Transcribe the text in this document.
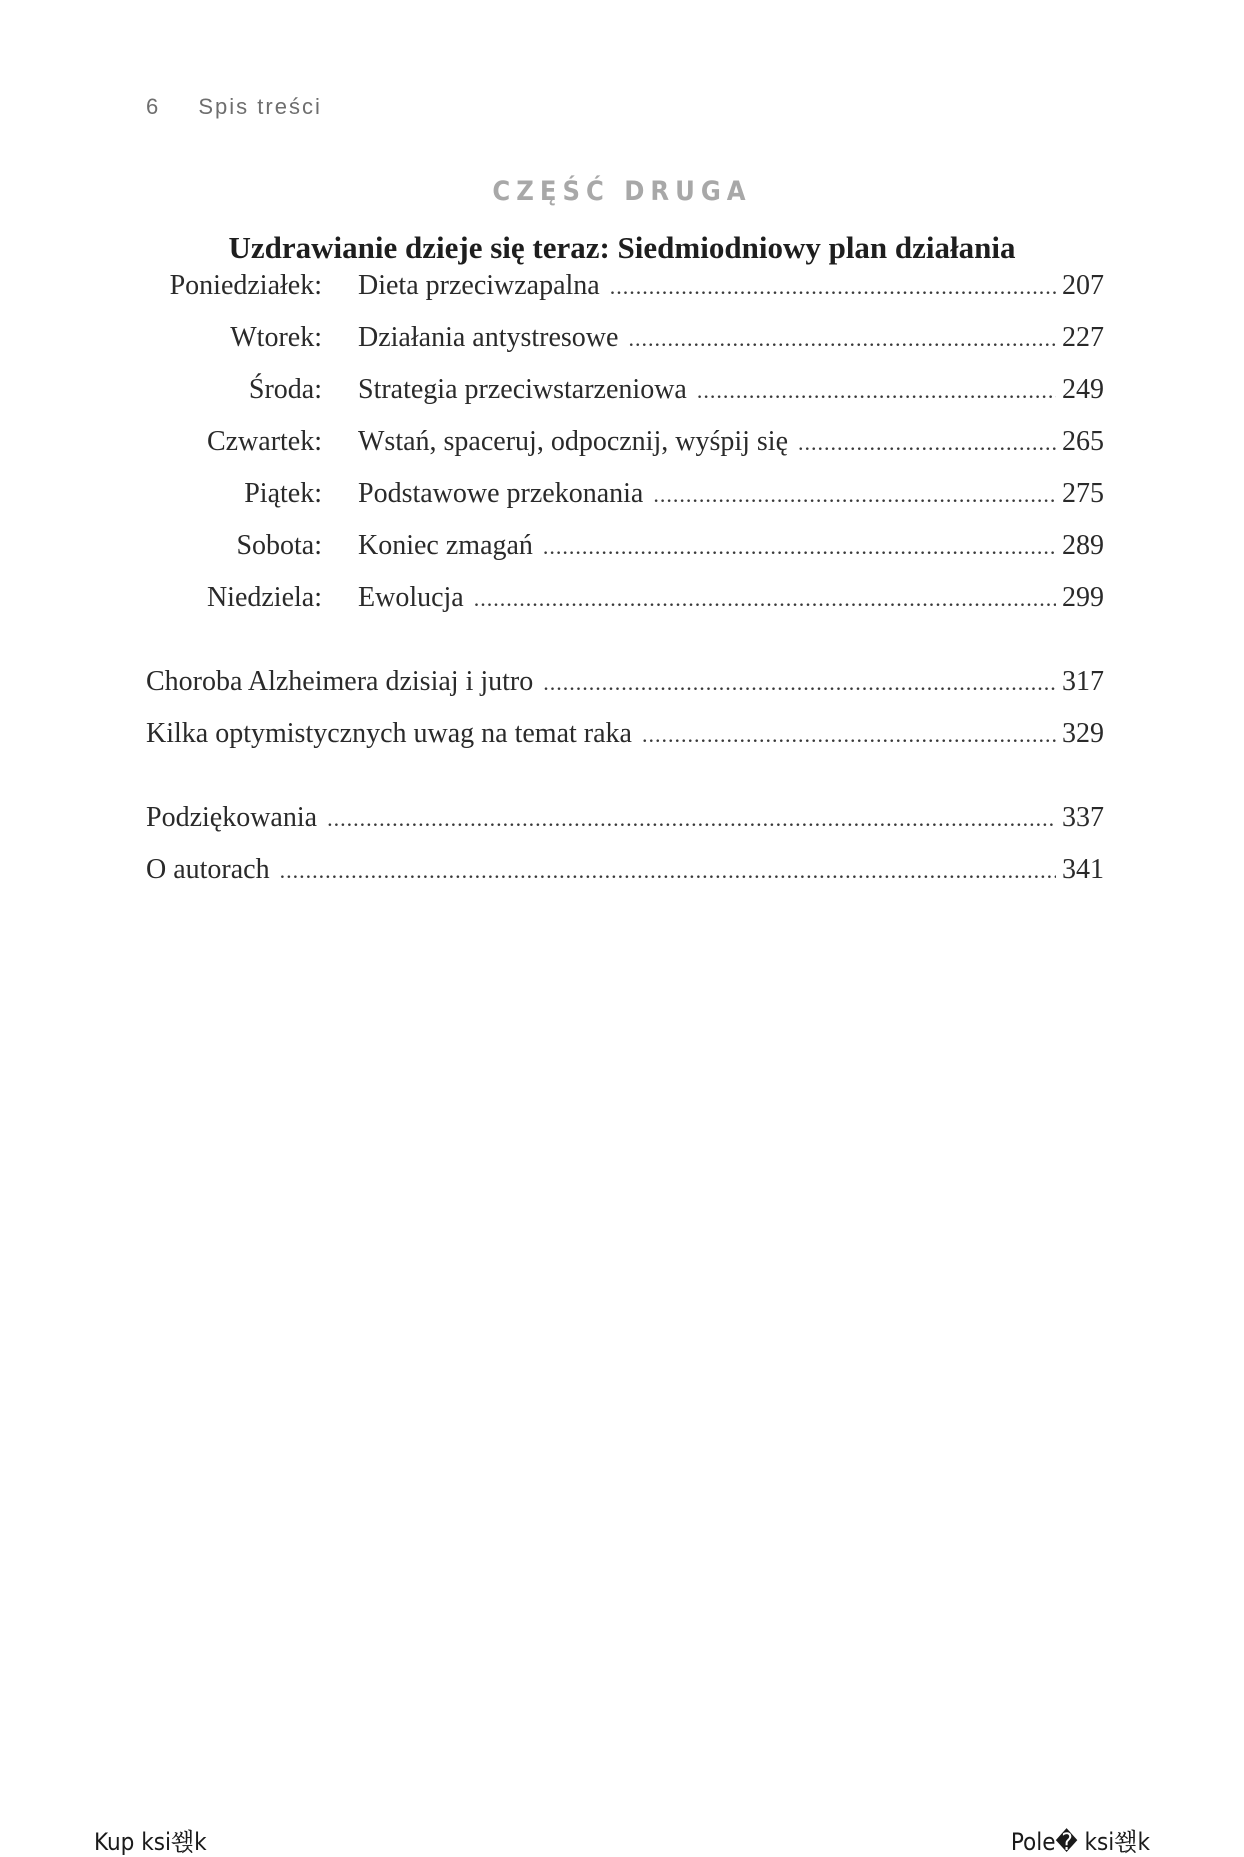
6 Spis treści
CZĘŚĆ DRUGA
Uzdrawianie dzieje się teraz: Siedmiodniowy plan działania
Poniedziałek: Dieta przeciwzapalna .....	207
Wtorek: Działania antystresowe .....	227
Środa: Strategia przeciwstarzeniowa .....	249
Czwartek: Wstań, spaceruj, odpocznij, wyśpij się .....	265
Piątek: Podstawowe przekonania .....	275
Sobota: Koniec zmagań .....	289
Niedziela: Ewolucja .....	299
Choroba Alzheimera dzisiaj i jutro .....	317
Kilka optymistycznych uwag na temat raka .....	329
Podziękowania .....	337
O autorach .....	341
Kup ksi쐕k	Pole� ksi쐕k
